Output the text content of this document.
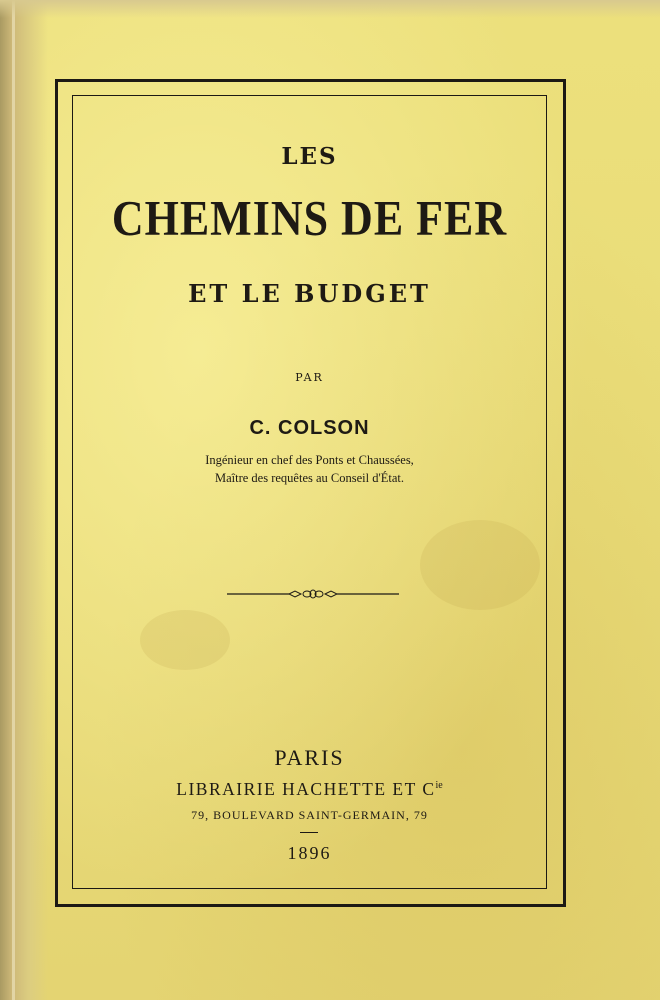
LES
CHEMINS DE FER
ET LE BUDGET
PAR
C. COLSON
Ingénieur en chef des Ponts et Chaussées,
Maître des requêtes au Conseil d'État.
PARIS
LIBRAIRIE HACHETTE ET $C^{ie}$
79, BOULEVARD SAINT-GERMAIN, 79
1896
